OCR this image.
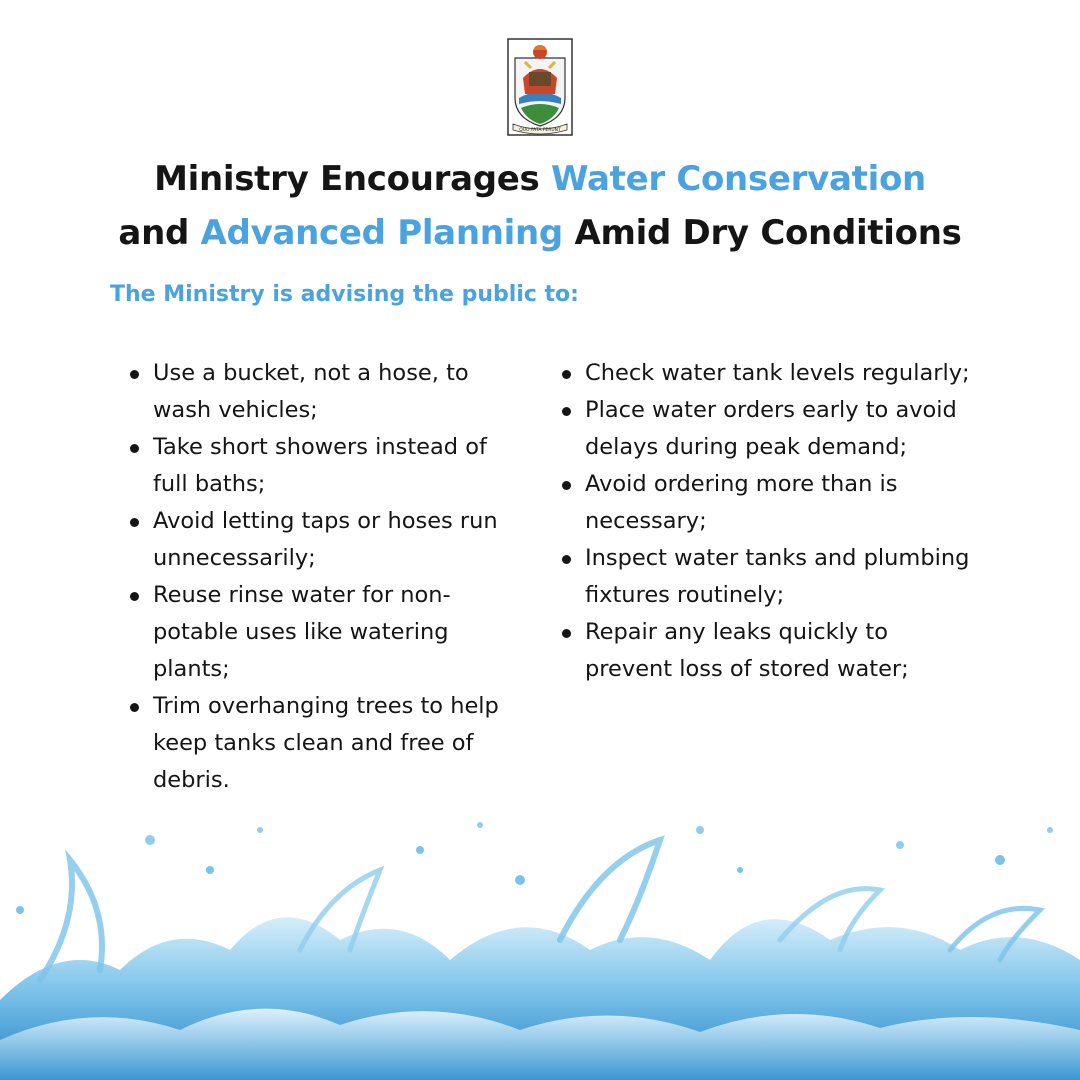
QUO FATA FERUNT
Ministry Encourages Water Conservation
and Advanced Planning Amid Dry Conditions

The Ministry is advising the public to:

Use a bucket, not a hose, to wash vehicles;
Take short showers instead of full baths;
Avoid letting taps or hoses run unnecessarily;
Reuse rinse water for non-potable uses like watering plants;
Trim overhanging trees to help keep tanks clean and free of debris.
Check water tank levels regularly;
Place water orders early to avoid delays during peak demand;
Avoid ordering more than is necessary;
Inspect water tanks and plumbing fixtures routinely;
Repair any leaks quickly to prevent loss of stored water;
